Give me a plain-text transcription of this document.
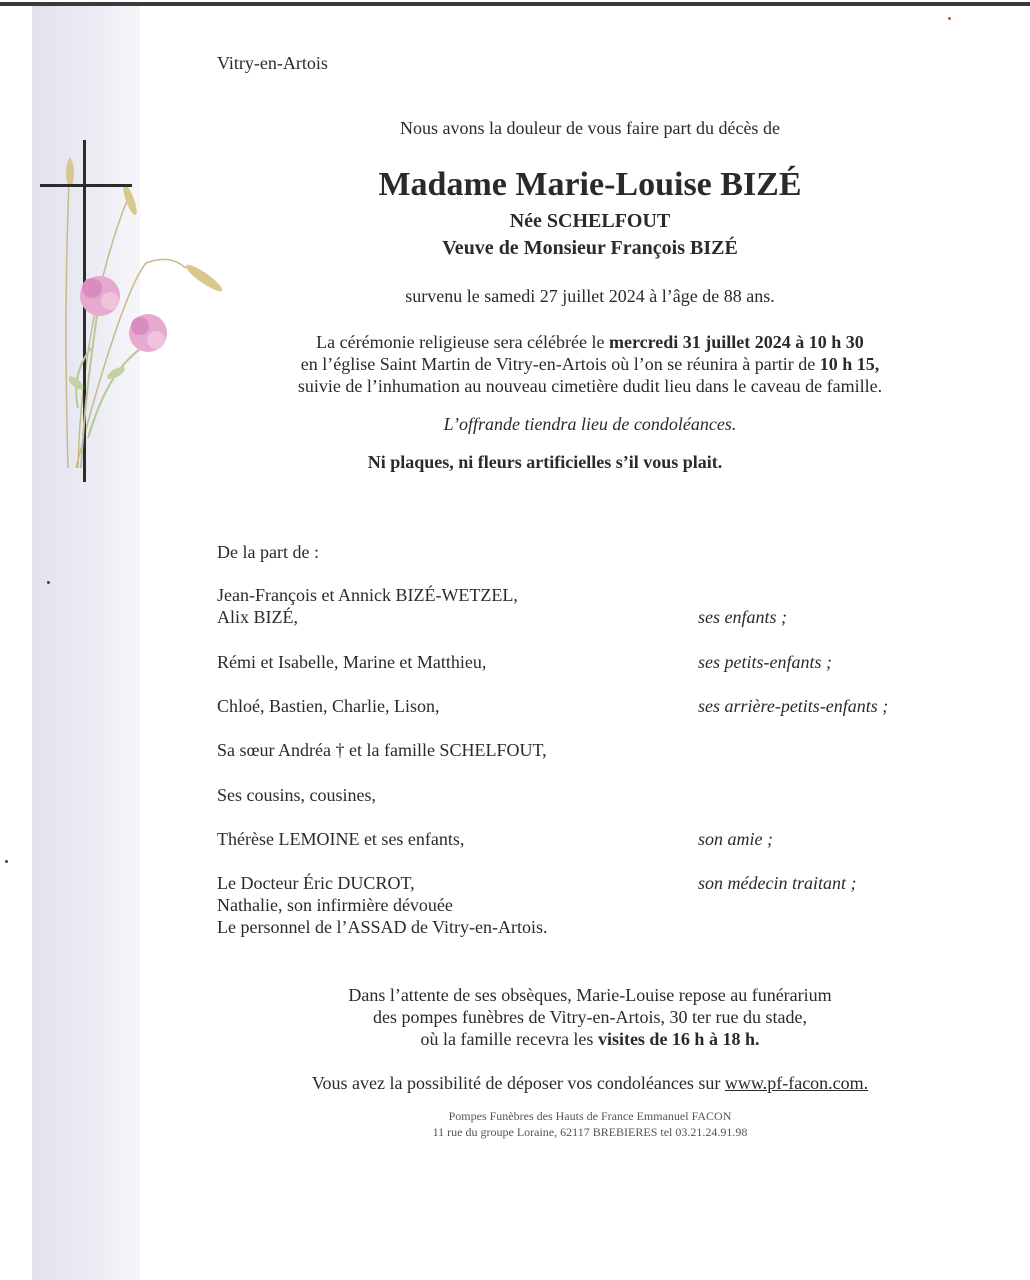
Vitry-en-Artois
Nous avons la douleur de vous faire part du décès de
Madame Marie-Louise BIZÉ
Née SCHELFOUT
Veuve de Monsieur François BIZÉ
survenu le samedi 27 juillet 2024 à l’âge de 88 ans.
La cérémonie religieuse sera célébrée le mercredi 31 juillet 2024 à 10 h 30
en l’église Saint Martin de Vitry-en-Artois où l’on se réunira à partir de 10 h 15,
suivie de l’inhumation au nouveau cimetière dudit lieu dans le caveau de famille.
L’offrande tiendra lieu de condoléances.
Ni plaques, ni fleurs artificielles s’il vous plait.
De la part de :
Jean-François et Annick BIZÉ-WETZEL,
Alix BIZÉ,	ses enfants ;
Rémi et Isabelle, Marine et Matthieu,	ses petits-enfants ;
Chloé, Bastien, Charlie, Lison,	ses arrière-petits-enfants ;
Sa sœur Andréa † et la famille SCHELFOUT,
Ses cousins, cousines,
Thérèse LEMOINE et ses enfants,	son amie ;
Le Docteur Éric DUCROT,	son médecin traitant ;
Nathalie, son infirmière dévouée
Le personnel de l’ASSAD de Vitry-en-Artois.
Dans l’attente de ses obsèques, Marie-Louise repose au funérarium
des pompes funèbres de Vitry-en-Artois, 30 ter rue du stade,
où la famille recevra les visites de 16 h à 18 h.
Vous avez la possibilité de déposer vos condoléances sur www.pf-facon.com.
Pompes Funèbres des Hauts de France Emmanuel FACON
11 rue du groupe Loraine, 62117 BREBIERES tel 03.21.24.91.98
